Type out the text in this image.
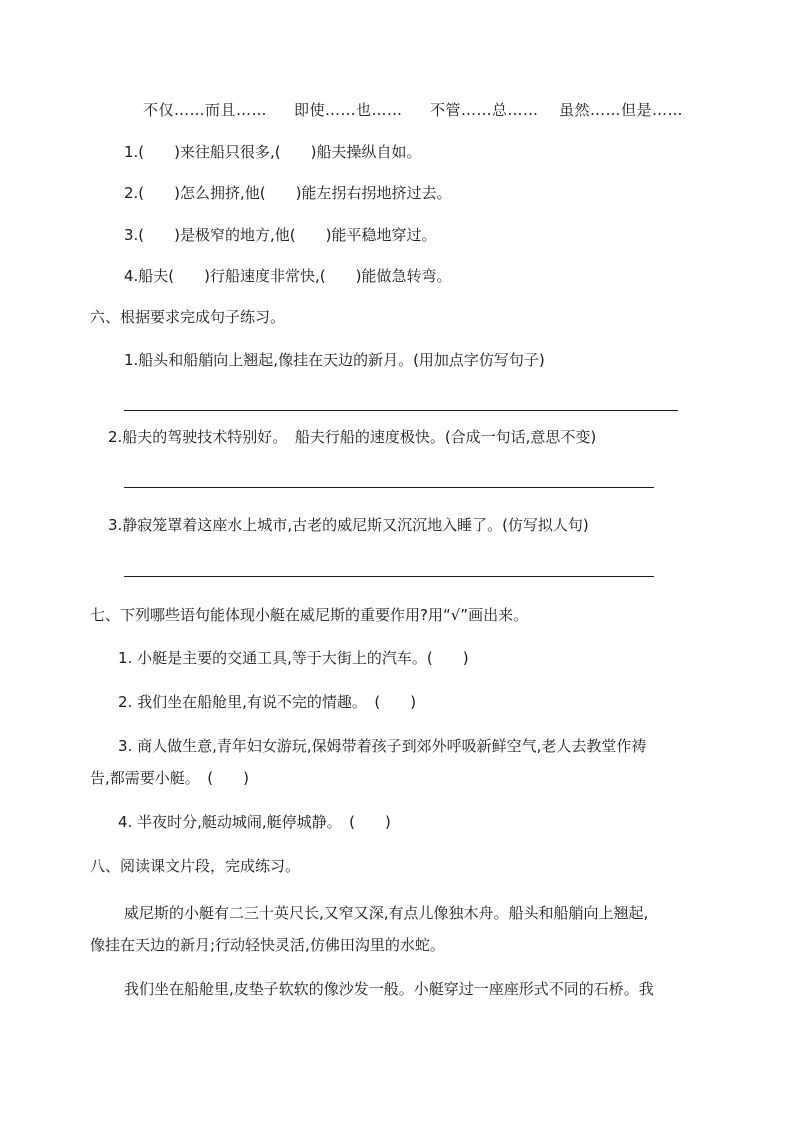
不仅……而且…… 即使……也…… 不管……总…… 虽然……但是……
1.(　　)来往船只很多,(　　)船夫操纵自如。
2.(　　)怎么拥挤,他(　　)能左拐右拐地挤过去。
3.(　　)是极窄的地方,他(　　)能平稳地穿过。
4.船夫(　　)行船速度非常快,(　　)能做急转弯。
六、根据要求完成句子练习。
1.船头和船艄向上翘起,像挂在天边的新月。(用加点字仿写句子)
2.船夫的驾驶技术特别好。　船夫行船的速度极快。(合成一句话,意思不变)
3.静寂笼罩着这座水上城市,古老的威尼斯又沉沉地入睡了。(仿写拟人句)
七、下列哪些语句能体现小艇在威尼斯的重要作用?用“√”画出来。
1. 小艇是主要的交通工具,等于大街上的汽车。(　　)
2. 我们坐在船舱里,有说不完的情趣。　(　　)
3. 商人做生意,青年妇女游玩,保姆带着孩子到郊外呼吸新鲜空气,老人去教堂作祷
告,都需要小艇。　(　　)
4. 半夜时分,艇动城闹,艇停城静。　(　　)
八、阅读课文片段，完成练习。
威尼斯的小艇有二三十英尺长,又窄又深,有点儿像独木舟。船头和船艄向上翘起,
像挂在天边的新月;行动轻快灵活,仿佛田沟里的水蛇。
我们坐在船舱里,皮垫子软软的像沙发一般。小艇穿过一座座形式不同的石桥。我
